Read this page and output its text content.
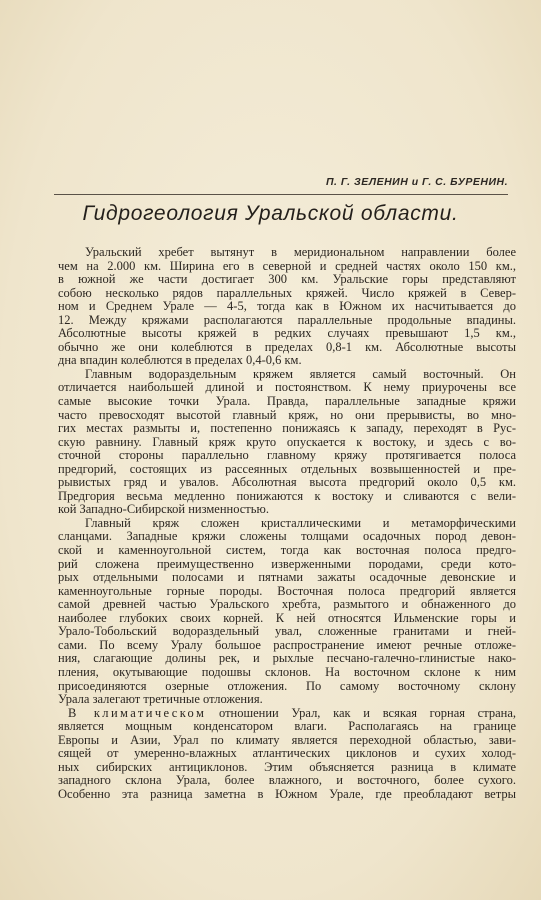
П. Г. ЗЕЛЕНИН и Г. С. БУРЕНИН.
Гидрогеология Уральской области.
Уральский хребет вытянут в меридиональном направлении более
чем на 2.000 км. Ширина его в северной и средней частях около 150 км.,
в южной же части достигает 300 км. Уральские горы представляют
собою несколько рядов параллельных кряжей. Число кряжей в Север-
ном и Среднем Урале — 4-5, тогда как в Южном их насчитывается до
12. Между кряжами располагаются параллельные продольные впадины.
Абсолютные высоты кряжей в редких случаях превышают 1,5 км.,
обычно же они колеблются в пределах 0,8-1 км. Абсолютные высоты
дна впадин колеблются в пределах 0,4-0,6 км.
Главным водораздельным кряжем является самый восточный. Он
отличается наибольшей длиной и постоянством. К нему приурочены все
самые высокие точки Урала. Правда, параллельные западные кряжи
часто превосходят высотой главный кряж, но они прерывисты, во мно-
гих местах размыты и, постепенно понижаясь к западу, переходят в Рус-
скую равнину. Главный кряж круто опускается к востоку, и здесь с во-
сточной стороны параллельно главному кряжу протягивается полоса
предгорий, состоящих из рассеянных отдельных возвышенностей и пре-
рывистых гряд и увалов. Абсолютная высота предгорий около 0,5 км.
Предгория весьма медленно понижаются к востоку и сливаются с вели-
кой Западно-Сибирской низменностью.
Главный кряж сложен кристаллическими и метаморфическими
сланцами. Западные кряжи сложены толщами осадочных пород девон-
ской и каменноугольной систем, тогда как восточная полоса предго-
рий сложена преимущественно изверженными породами, среди кото-
рых отдельными полосами и пятнами зажаты осадочные девонские и
каменноугольные горные породы. Восточная полоса предгорий является
самой древней частью Уральского хребта, размытого и обнаженного до
наиболее глубоких своих корней. К ней относятся Ильменские горы и
Урало-Тобольский водораздельный увал, сложенные гранитами и гней-
сами. По всему Уралу большое распространение имеют речные отложе-
ния, слагающие долины рек, и рыхлые песчано-галечно-глинистые нако-
пления, окутывающие подошвы склонов. На восточном склоне к ним
присоединяются озерные отложения. По самому восточному склону
Урала залегают третичные отложения.
В климатическом отношении Урал, как и всякая горная страна,
является мощным конденсатором влаги. Располагаясь на границе
Европы и Азии, Урал по климату является переходной областью, зави-
сящей от умеренно-влажных атлантических циклонов и сухих холод-
ных сибирских антициклонов. Этим объясняется разница в климате
западного склона Урала, более влажного, и восточного, более сухого.
Особенно эта разница заметна в Южном Урале, где преобладают ветры
